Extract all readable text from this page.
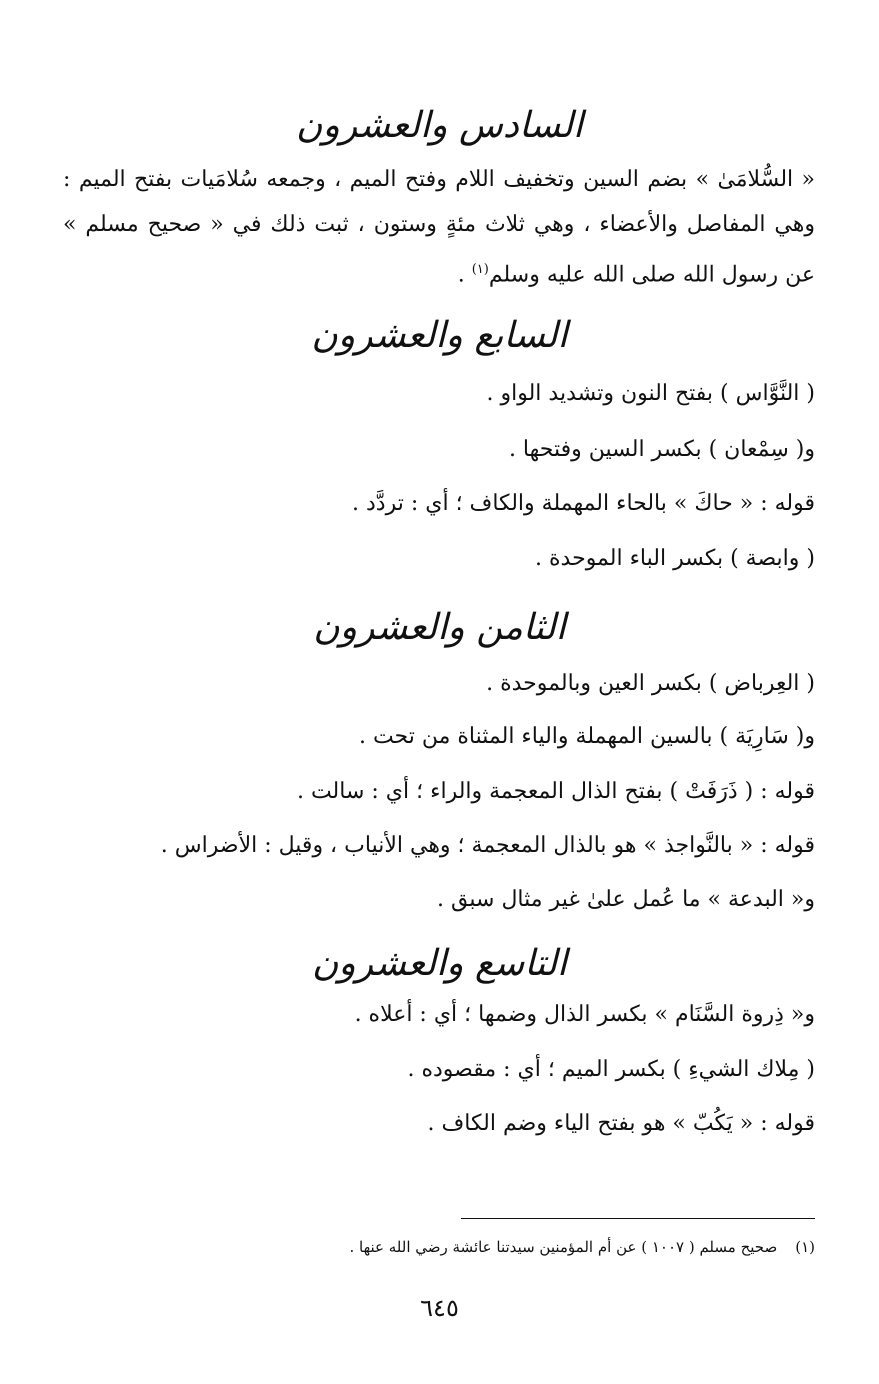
السادس والعشرون
« السُّلامَىٰ » بضم السين وتخفيف اللام وفتح الميم ، وجمعه سُلامَيات بفتح الميم : وهي المفاصل والأعضاء ، وهي ثلاث مئةٍ وستون ، ثبت ذلك في « صحيح مسلم » عن رسول الله صلى الله عليه وسلم$^{(١)}$ .
السابع والعشرون
( النَّوَّاس ) بفتح النون وتشديد الواو .
و( سِمْعان ) بكسر السين وفتحها .
قوله : « حاكَ » بالحاء المهملة والكاف ؛ أي : تردَّد .
( وابصة ) بكسر الباء الموحدة .
الثامن والعشرون
( العِرباض ) بكسر العين وبالموحدة .
و( سَارِيَة ) بالسين المهملة والياء المثناة من تحت .
قوله : ( ذَرَفَتْ ) بفتح الذال المعجمة والراء ؛ أي : سالت .
قوله : « بالنَّواجذ » هو بالذال المعجمة ؛ وهي الأنياب ، وقيل : الأضراس .
و« البدعة » ما عُمل علىٰ غير مثال سبق .
التاسع والعشرون
و« ذِروة السَّنَام » بكسر الذال وضمها ؛ أي : أعلاه .
( مِلاك الشيءِ ) بكسر الميم ؛ أي : مقصوده .
قوله : « يَكُبّ » هو بفتح الياء وضم الكاف .
(١)صحيح مسلم ( ١٠٠٧ ) عن أم المؤمنين سيدتنا عائشة رضي الله عنها .
٦٤٥
